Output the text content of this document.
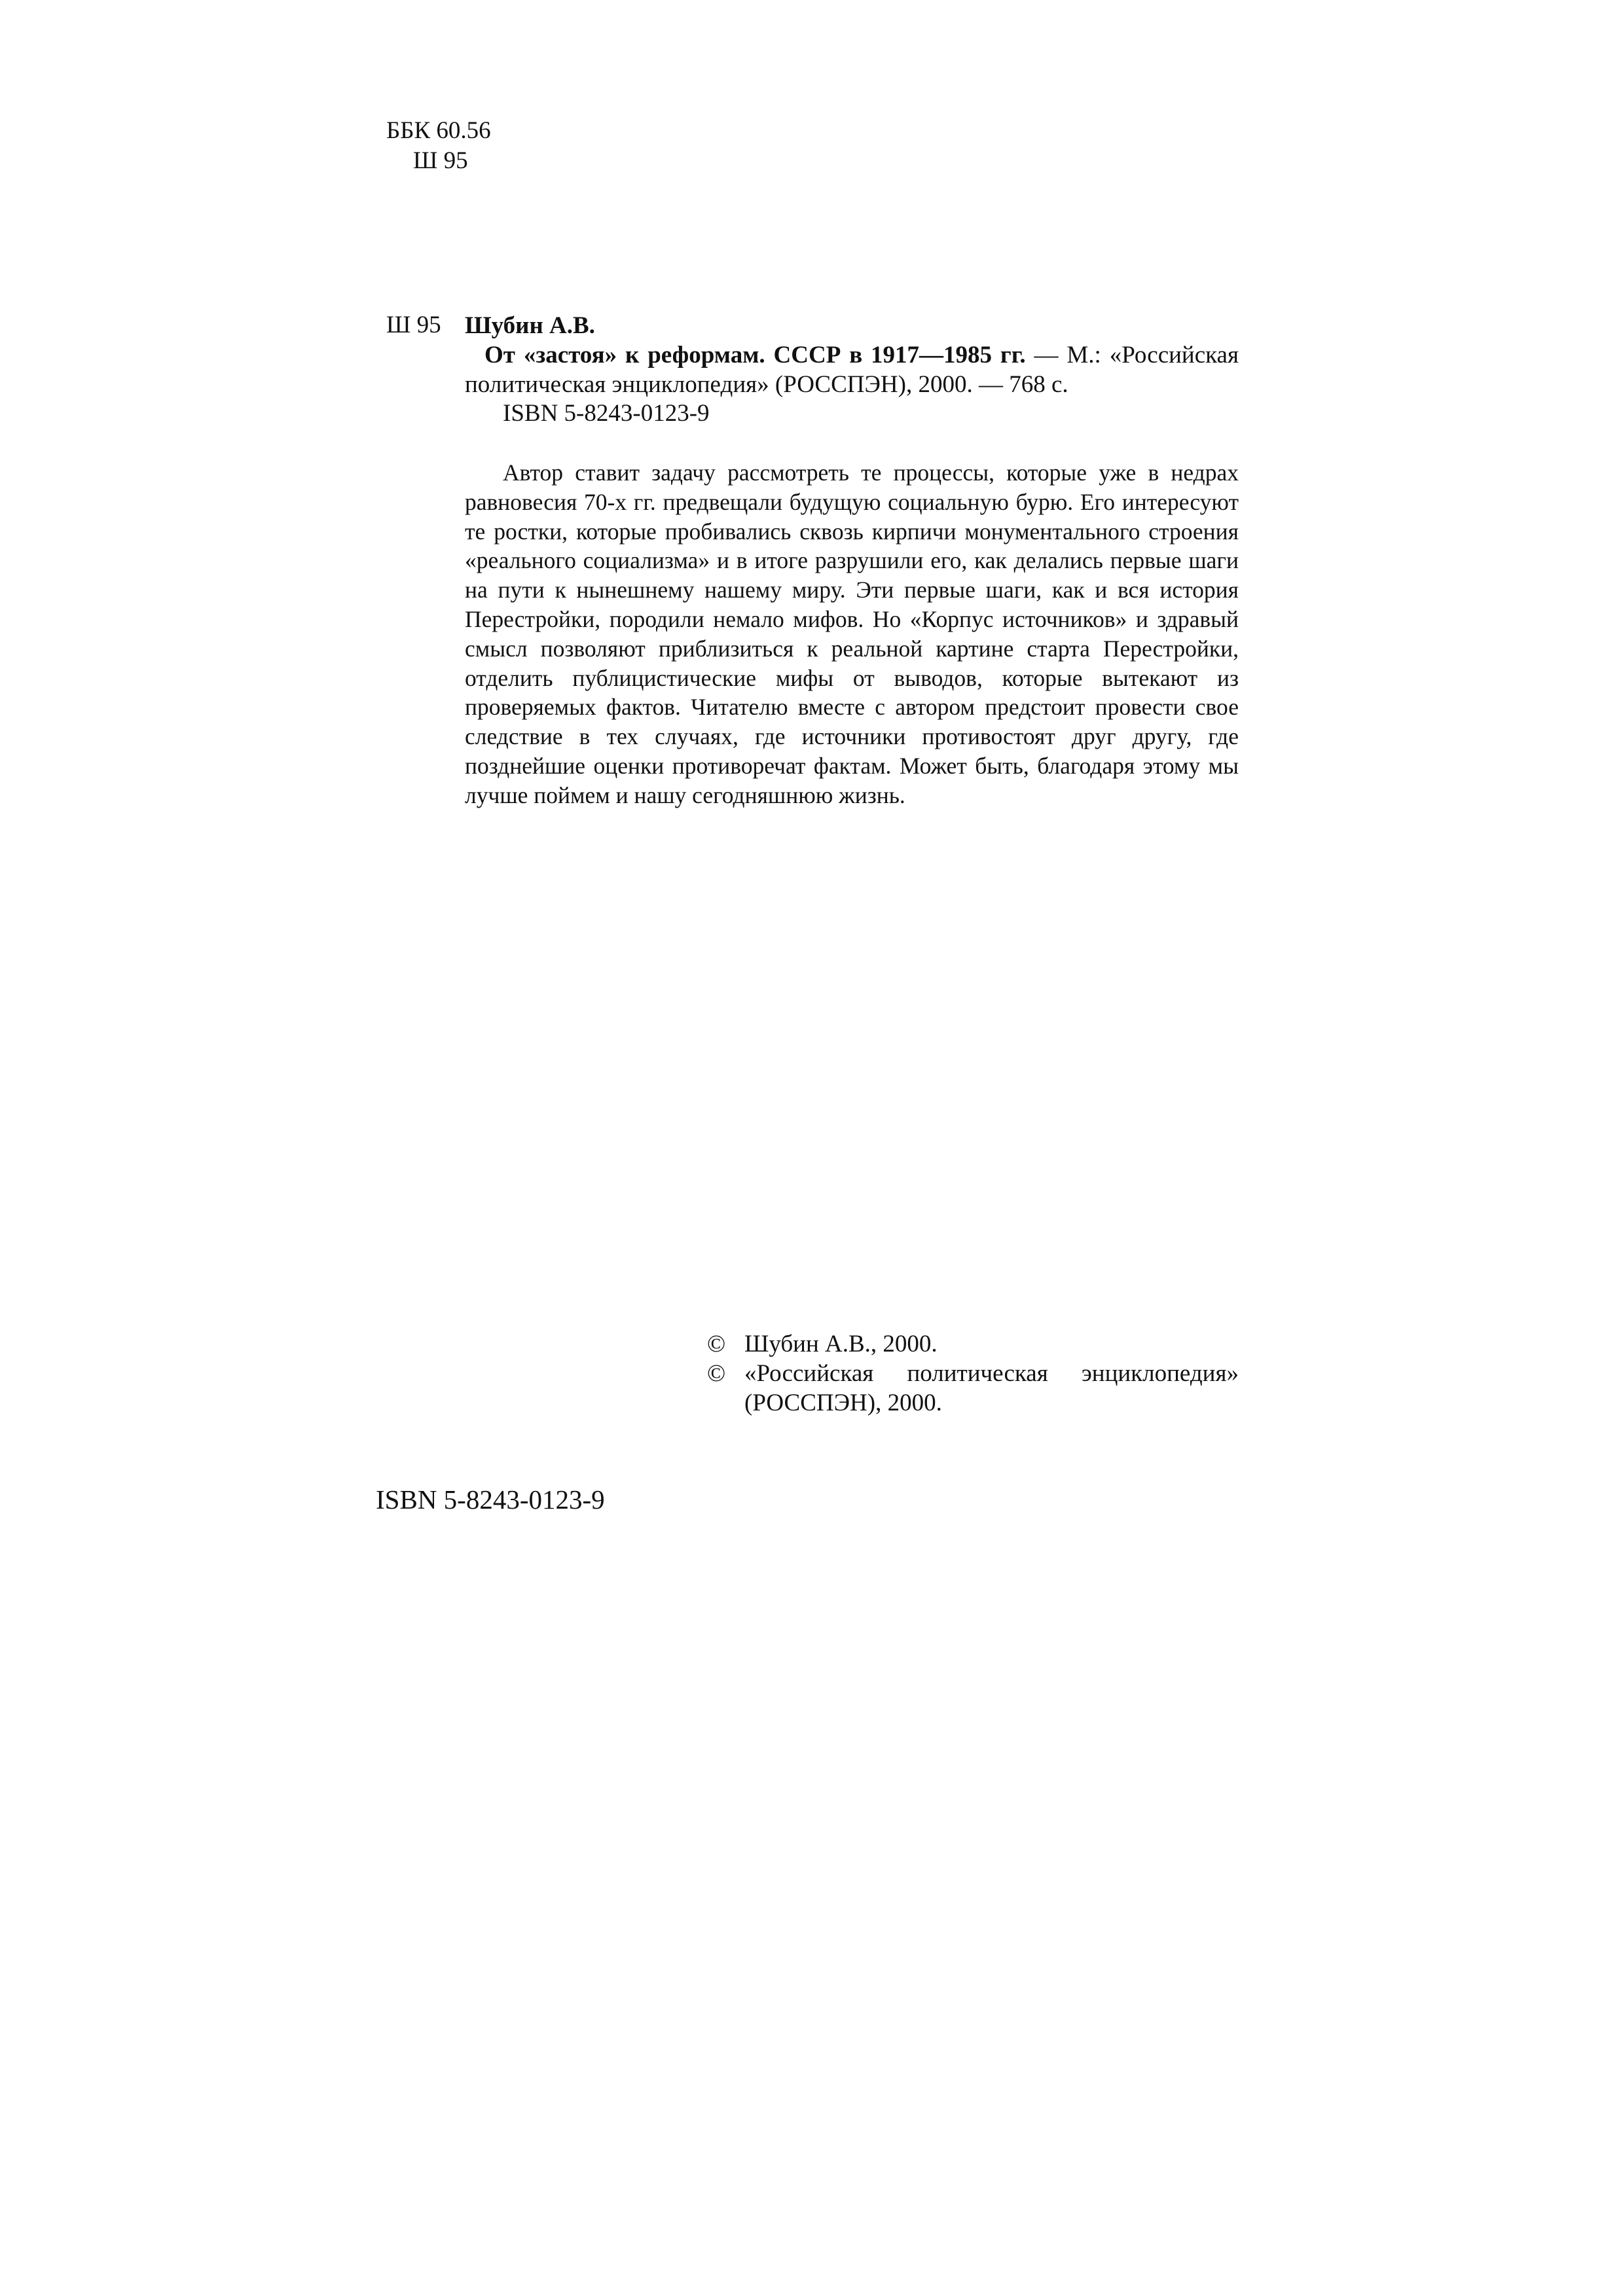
ББК 60.56
Ш 95
Ш 95 Шубин А.В.
От «застоя» к реформам. СССР в 1917—1985 гг. — М.: «Российская политическая энциклопедия» (РОССПЭН), 2000. — 768 с.
ISBN 5-8243-0123-9

Автор ставит задачу рассмотреть те процессы, которые уже в недрах равновесия 70-х гг. предвещали будущую социальную бурю. Его интересуют те ростки, которые пробивались сквозь кирпичи монументального строения «реального социализма» и в итоге разрушили его, как делались первые шаги на пути к нынешнему нашему миру. Эти первые шаги, как и вся история Перестройки, породили немало мифов. Но «Корпус источников» и здравый смысл позволяют приблизиться к реальной картине старта Перестройки, отделить публицистические мифы от выводов, которые вытекают из проверяемых фактов. Читателю вместе с автором предстоит провести свое следствие в тех случаях, где источники противостоят друг другу, где позднейшие оценки противоречат фактам. Может быть, благодаря этому мы лучше поймем и нашу сегодняшнюю жизнь.

© Шубин А.В., 2000.
© «Российская политическая энциклопедия»
(РОССПЭН), 2000.
ISBN 5-8243-0123-9
